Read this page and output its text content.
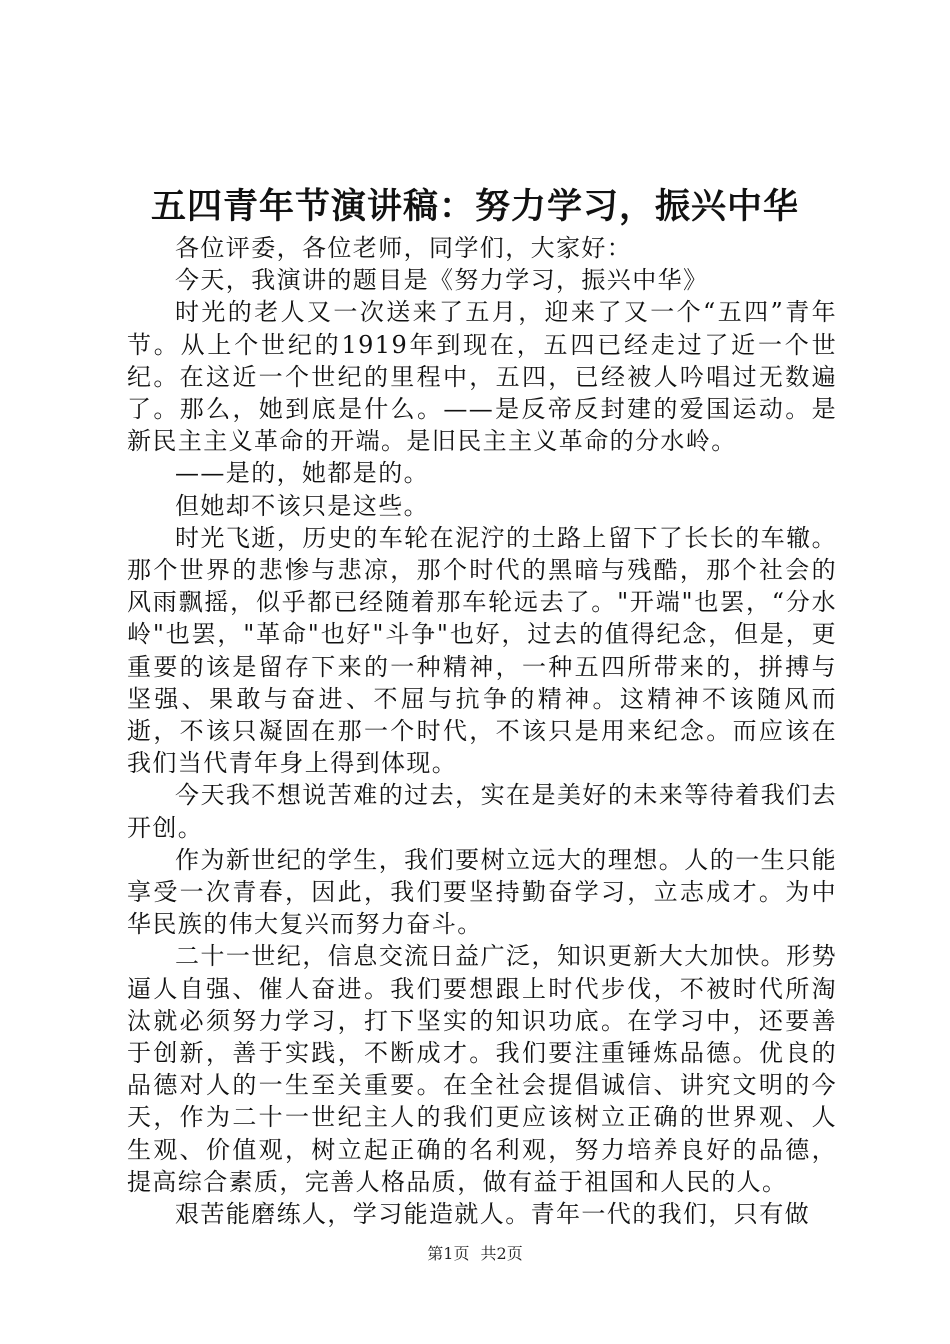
五四青年节演讲稿：努力学习，振兴中华

各位评委，各位老师，同学们，大家好：

今天，我演讲的题目是《努力学习，振兴中华》

时光的老人又一次送来了五月，迎来了又一个“五四”青年节。从上个世纪的1919年到现在，五四已经走过了近一个世纪。在这近一个世纪的里程中，五四，已经被人吟唱过无数遍了。那么，她到底是什么。——是反帝反封建的爱国运动。是新民主主义革命的开端。是旧民主主义革命的分水岭。

——是的，她都是的。

但她却不该只是这些。

时光飞逝，历史的车轮在泥泞的土路上留下了长长的车辙。那个世界的悲惨与悲凉，那个时代的黑暗与残酷，那个社会的风雨飘摇，似乎都已经随着那车轮远去了。"开端"也罢，“分水岭"也罢，"革命"也好"斗争"也好，过去的值得纪念，但是，更重要的该是留存下来的一种精神，一种五四所带来的，拼搏与坚强、果敢与奋进、不屈与抗争的精神。这精神不该随风而逝，不该只凝固在那一个时代，不该只是用来纪念。而应该在我们当代青年身上得到体现。

今天我不想说苦难的过去，实在是美好的未来等待着我们去开创。

作为新世纪的学生，我们要树立远大的理想。人的一生只能享受一次青春，因此，我们要坚持勤奋学习，立志成才。为中华民族的伟大复兴而努力奋斗。

二十一世纪，信息交流日益广泛，知识更新大大加快。形势逼人自强、催人奋进。我们要想跟上时代步伐，不被时代所淘汰就必须努力学习，打下坚实的知识功底。在学习中，还要善于创新，善于实践，不断成才。我们要注重锤炼品德。优良的品德对人的一生至关重要。在全社会提倡诚信、讲究文明的今天，作为二十一世纪主人的我们更应该树立正确的世界观、人生观、价值观，树立起正确的名利观，努力培养良好的品德，提高综合素质，完善人格品质，做有益于祖国和人民的人。

艰苦能磨练人，学习能造就人。青年一代的我们，只有做

第1页 共2页
